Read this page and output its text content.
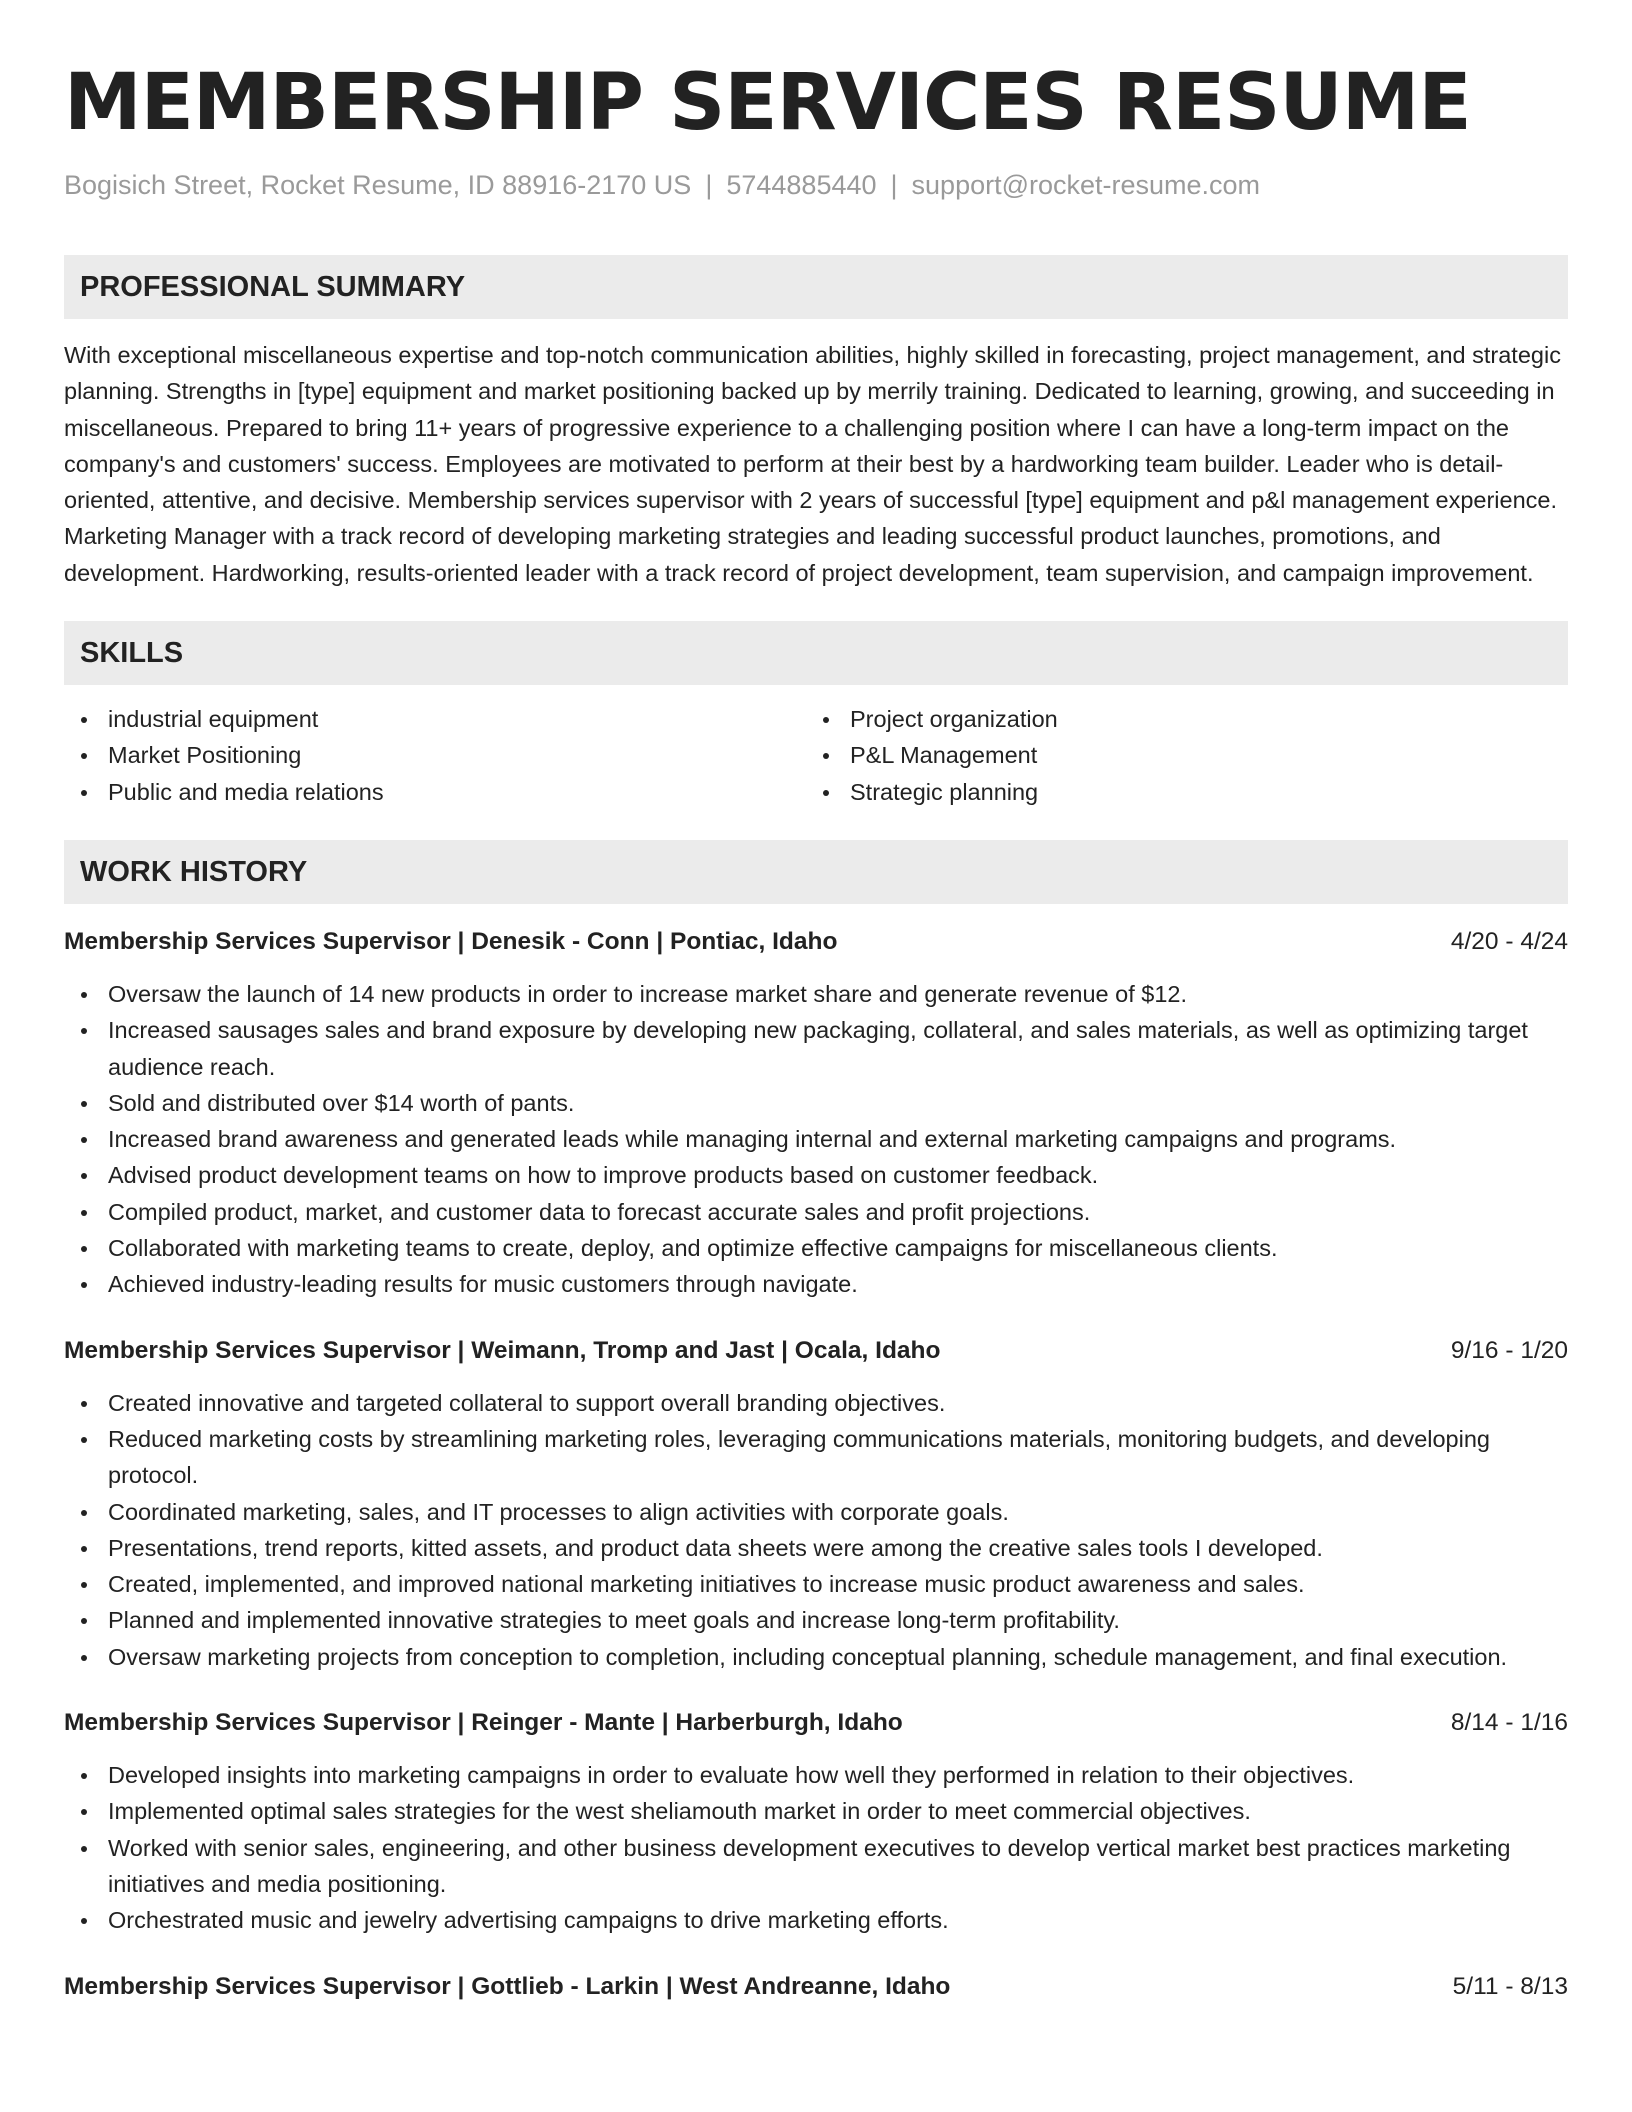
MEMBERSHIP SERVICES RESUME
Bogisich Street, Rocket Resume, ID 88916-2170 US | 5744885440 | support@rocket-resume.com
PROFESSIONAL SUMMARY

With exceptional miscellaneous expertise and top-notch communication abilities, highly skilled in forecasting, project management, and strategic planning. Strengths in [type] equipment and market positioning backed up by merrily training. Dedicated to learning, growing, and succeeding in miscellaneous. Prepared to bring 11+ years of progressive experience to a challenging position where I can have a long-term impact on the company's and customers' success. Employees are motivated to perform at their best by a hardworking team builder. Leader who is detail-oriented, attentive, and decisive. Membership services supervisor with 2 years of successful [type] equipment and p&l management experience. Marketing Manager with a track record of developing marketing strategies and leading successful product launches, promotions, and development. Hardworking, results-oriented leader with a track record of project development, team supervision, and campaign improvement.

SKILLS
industrial equipment
Market Positioning
Public and media relations
Project organization
P&L Management
Strategic planning
WORK HISTORY
Membership Services Supervisor | Denesik - Conn | Pontiac, Idaho	4/20 - 4/24
Oversaw the launch of 14 new products in order to increase market share and generate revenue of $12.
Increased sausages sales and brand exposure by developing new packaging, collateral, and sales materials, as well as optimizing target audience reach.
Sold and distributed over $14 worth of pants.
Increased brand awareness and generated leads while managing internal and external marketing campaigns and programs.
Advised product development teams on how to improve products based on customer feedback.
Compiled product, market, and customer data to forecast accurate sales and profit projections.
Collaborated with marketing teams to create, deploy, and optimize effective campaigns for miscellaneous clients.
Achieved industry-leading results for music customers through navigate.
Membership Services Supervisor | Weimann, Tromp and Jast | Ocala, Idaho	9/16 - 1/20
Created innovative and targeted collateral to support overall branding objectives.
Reduced marketing costs by streamlining marketing roles, leveraging communications materials, monitoring budgets, and developing protocol.
Coordinated marketing, sales, and IT processes to align activities with corporate goals.
Presentations, trend reports, kitted assets, and product data sheets were among the creative sales tools I developed.
Created, implemented, and improved national marketing initiatives to increase music product awareness and sales.
Planned and implemented innovative strategies to meet goals and increase long-term profitability.
Oversaw marketing projects from conception to completion, including conceptual planning, schedule management, and final execution.
Membership Services Supervisor | Reinger - Mante | Harberburgh, Idaho	8/14 - 1/16
Developed insights into marketing campaigns in order to evaluate how well they performed in relation to their objectives.
Implemented optimal sales strategies for the west sheliamouth market in order to meet commercial objectives.
Worked with senior sales, engineering, and other business development executives to develop vertical market best practices marketing initiatives and media positioning.
Orchestrated music and jewelry advertising campaigns to drive marketing efforts.
Membership Services Supervisor | Gottlieb - Larkin | West Andreanne, Idaho	5/11 - 8/13
